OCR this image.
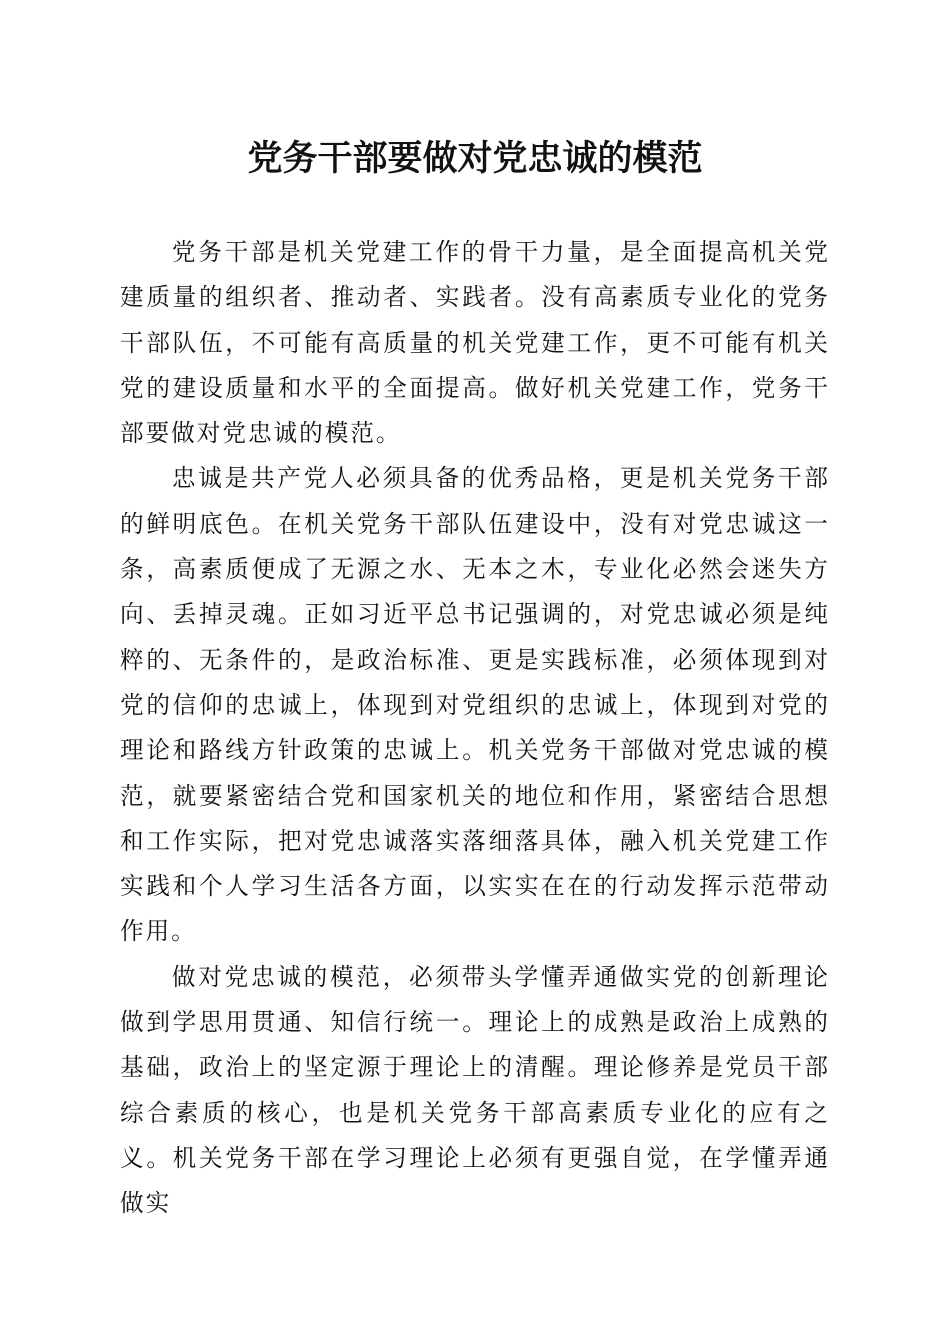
党务干部要做对党忠诚的模范

党务干部是机关党建工作的骨干力量，是全面提高机关党建质量的组织者、推动者、实践者。没有高素质专业化的党务干部队伍，不可能有高质量的机关党建工作，更不可能有机关党的建设质量和水平的全面提高。做好机关党建工作，党务干部要做对党忠诚的模范。

忠诚是共产党人必须具备的优秀品格，更是机关党务干部的鲜明底色。在机关党务干部队伍建设中，没有对党忠诚这一条，高素质便成了无源之水、无本之木，专业化必然会迷失方向、丢掉灵魂。正如习近平总书记强调的，对党忠诚必须是纯粹的、无条件的，是政治标准、更是实践标准，必须体现到对党的信仰的忠诚上，体现到对党组织的忠诚上，体现到对党的理论和路线方针政策的忠诚上。机关党务干部做对党忠诚的模范，就要紧密结合党和国家机关的地位和作用，紧密结合思想和工作实际，把对党忠诚落实落细落具体，融入机关党建工作实践和个人学习生活各方面，以实实在在的行动发挥示范带动作用。

做对党忠诚的模范，必须带头学懂弄通做实党的创新理论做到学思用贯通、知信行统一。理论上的成熟是政治上成熟的基础，政治上的坚定源于理论上的清醒。理论修养是党员干部综合素质的核心，也是机关党务干部高素质专业化的应有之义。机关党务干部在学习理论上必须有更强自觉，在学懂弄通做实
